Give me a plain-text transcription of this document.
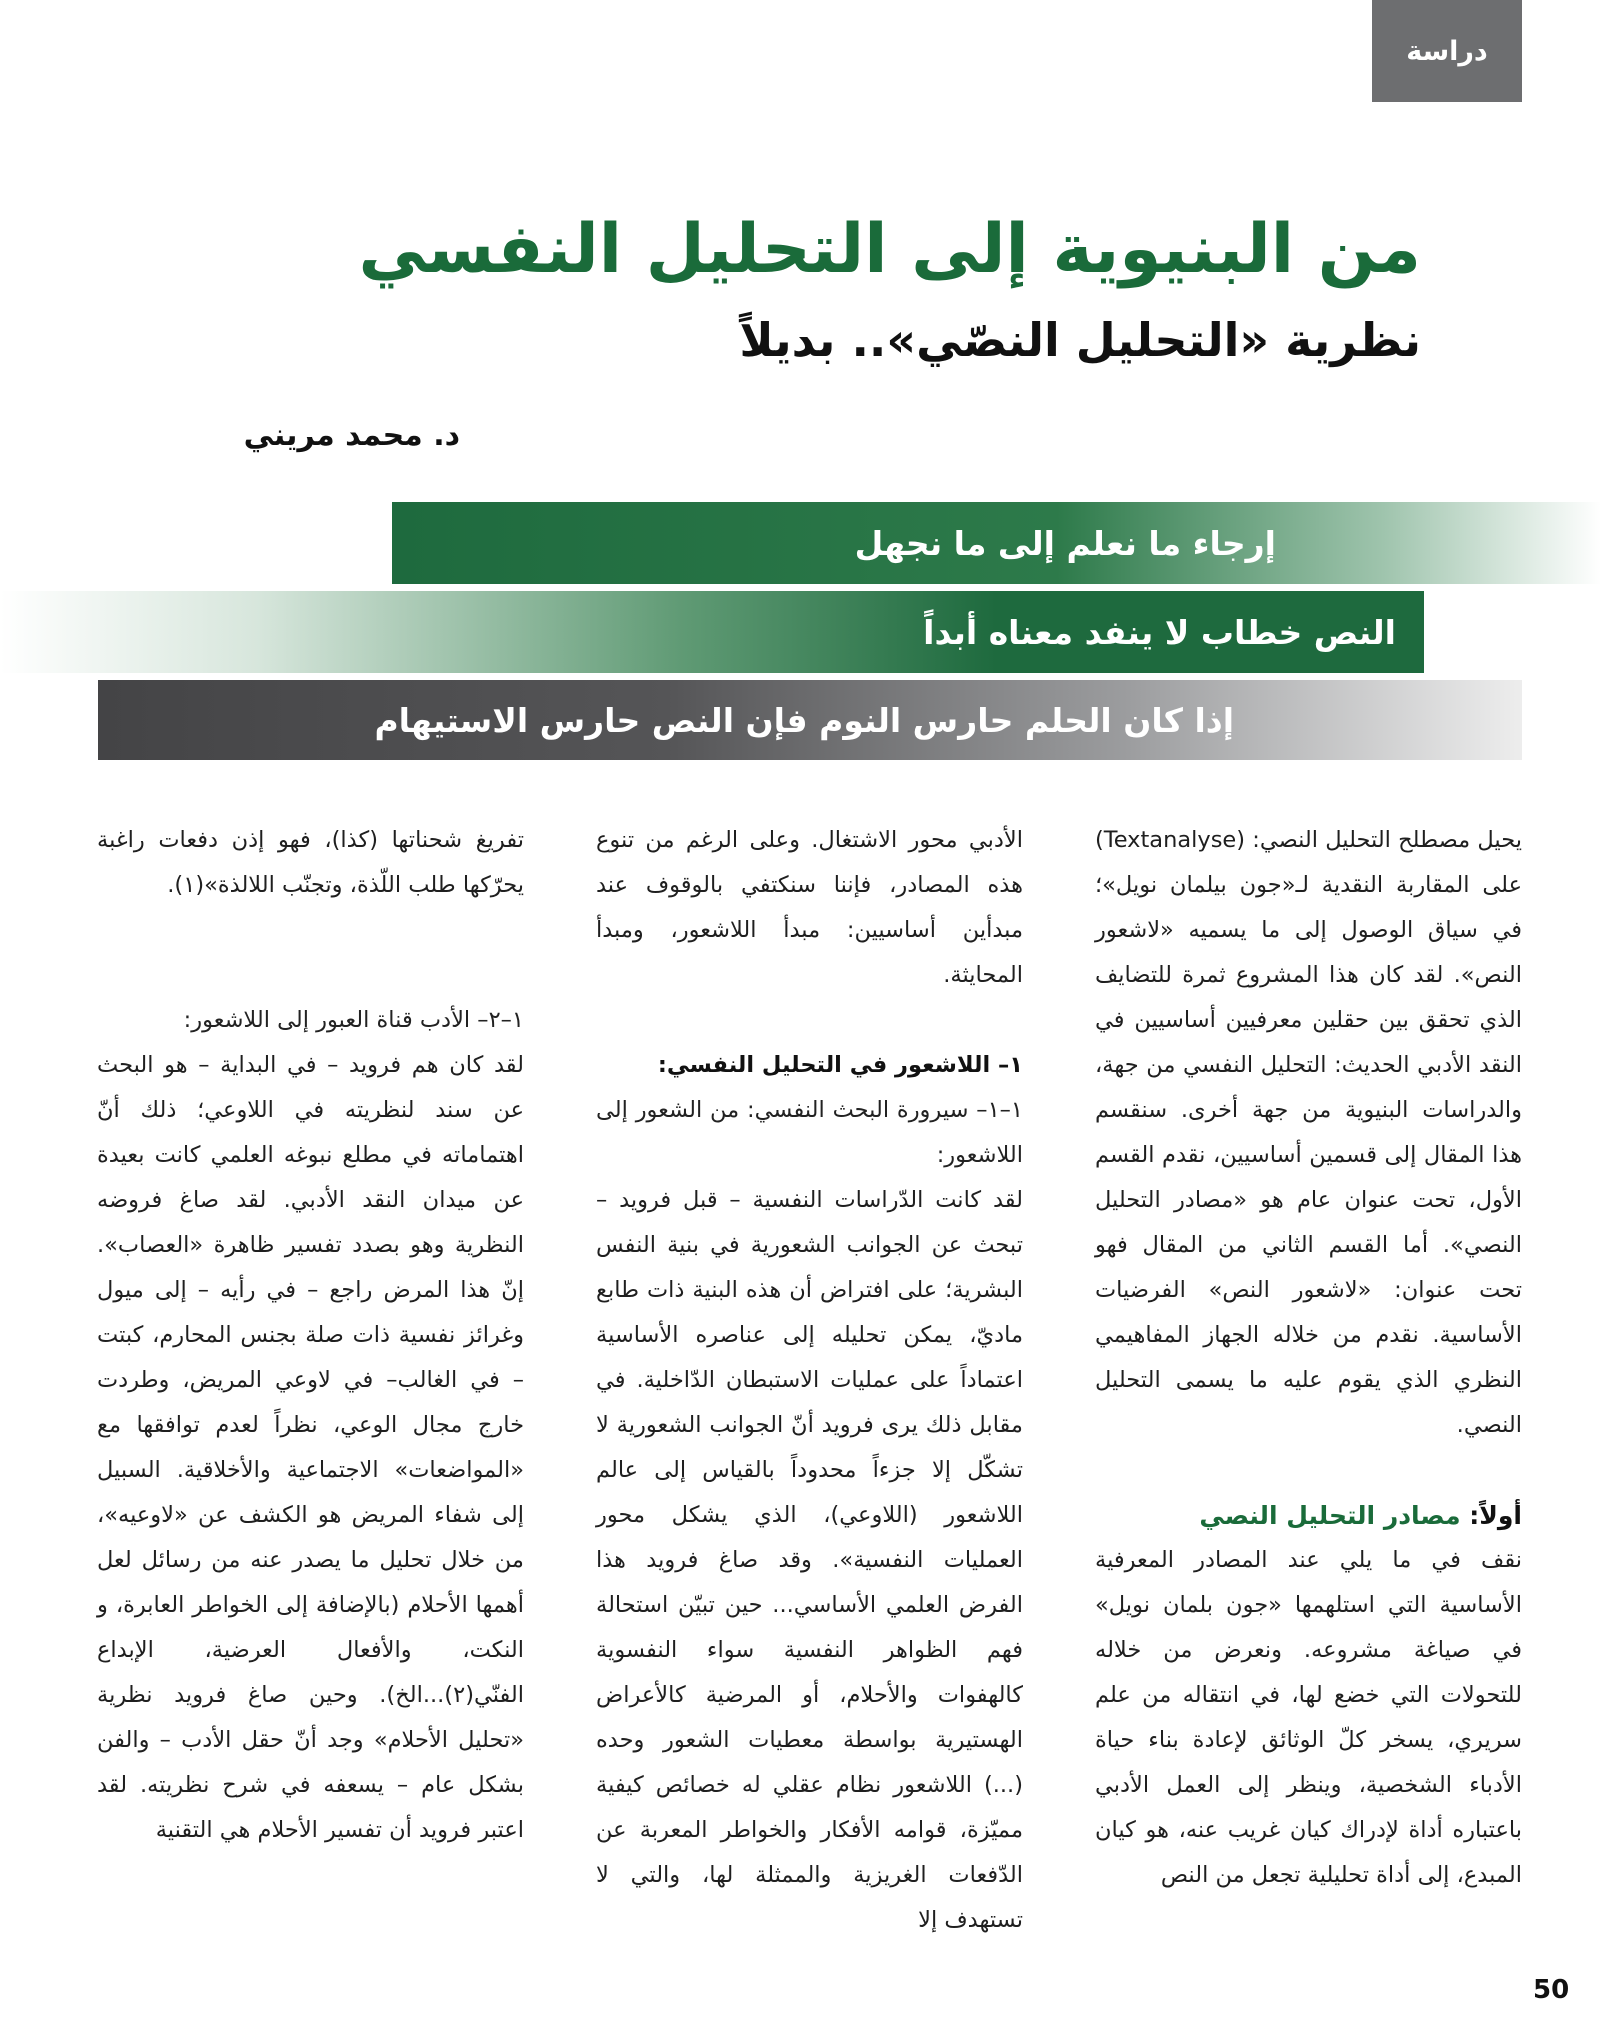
دراسة
من البنيوية إلى التحليل النفسي
نظرية «التحليل النصّي».. بديلاً
د. محمد مريني
إرجاء ما نعلم إلى ما نجهل
النص خطاب لا ينفد معناه أبداً
إذا كان الحلم حارس النوم فإن النص حارس الاستيهام

يحيل مصطلح التحليل النصي: (Textanalyse) على المقاربة النقدية لـ«جون بيلمان نويل»؛ في سياق الوصول إلى ما يسميه «لاشعور النص». لقد كان هذا المشروع ثمرة للتضايف الذي تحقق بين حقلين معرفيين أساسيين في النقد الأدبي الحديث: التحليل النفسي من جهة، والدراسات البنيوية من جهة أخرى. سنقسم هذا المقال إلى قسمين أساسيين، نقدم القسم الأول، تحت عنوان عام هو «مصادر التحليل النصي». أما القسم الثاني من المقال فهو تحت عنوان: «لاشعور النص» الفرضيات الأساسية. نقدم من خلاله الجهاز المفاهيمي النظري الذي يقوم عليه ما يسمى التحليل النصي.

أولاً: مصادر التحليل النصي

نقف في ما يلي عند المصادر المعرفية الأساسية التي استلهمها «جون بلمان نويل» في صياغة مشروعه. ونعرض من خلاله للتحولات التي خضع لها، في انتقاله من علم سريري، يسخر كلّ الوثائق لإعادة بناء حياة الأدباء الشخصية، وينظر إلى العمل الأدبي باعتباره أداة لإدراك كيان غريب عنه، هو كيان المبدع، إلى أداة تحليلية تجعل من النص

الأدبي محور الاشتغال. وعلى الرغم من تنوع هذه المصادر، فإننا سنكتفي بالوقوف عند مبدأين أساسيين: مبدأ اللاشعور، ومبدأ المحايثة.

١– اللاشعور في التحليل النفسي:

١–١– سيرورة البحث النفسي: من الشعور إلى اللاشعور:

لقد كانت الدّراسات النفسية – قبل فرويد – تبحث عن الجوانب الشعورية في بنية النفس البشرية؛ على افتراض أن هذه البنية ذات طابع ماديّ، يمكن تحليله إلى عناصره الأساسية اعتماداً على عمليات الاستبطان الدّاخلية. في مقابل ذلك يرى فرويد أنّ الجوانب الشعورية لا تشكّل إلا جزءاً محدوداً بالقياس إلى عالم اللاشعور (اللاوعي)، الذي يشكل محور العمليات النفسية». وقد صاغ فرويد هذا الفرض العلمي الأساسي... حين تبيّن استحالة فهم الظواهر النفسية سواء النفسوية كالهفوات والأحلام، أو المرضية كالأعراض الهستيرية بواسطة معطيات الشعور وحده (...) اللاشعور نظام عقلي له خصائص كيفية مميّزة، قوامه الأفكار والخواطر المعربة عن الدّفعات الغريزية والممثلة لها، والتي لا تستهدف إلا

تفريغ شحناتها (كذا)، فهو إذن دفعات راغبة يحرّكها طلب اللّذة، وتجنّب اللالذة»(١).

١–٢– الأدب قناة العبور إلى اللاشعور:

لقد كان هم فرويد – في البداية – هو البحث عن سند لنظريته في اللاوعي؛ ذلك أنّ اهتماماته في مطلع نبوغه العلمي كانت بعيدة عن ميدان النقد الأدبي. لقد صاغ فروضه النظرية وهو بصدد تفسير ظاهرة «العصاب». إنّ هذا المرض راجع – في رأيه – إلى ميول وغرائز نفسية ذات صلة بجنس المحارم، كبتت – في الغالب– في لاوعي المريض، وطردت خارج مجال الوعي، نظراً لعدم توافقها مع «المواضعات» الاجتماعية والأخلاقية. السبيل إلى شفاء المريض هو الكشف عن «لاوعيه»، من خلال تحليل ما يصدر عنه من رسائل لعل أهمها الأحلام (بالإضافة إلى الخواطر العابرة، و النكت، والأفعال العرضية، الإبداع الفنّي(٢)...الخ). وحين صاغ فرويد نظرية «تحليل الأحلام» وجد أنّ حقل الأدب – والفن بشكل عام – يسعفه في شرح نظريته. لقد اعتبر فرويد أن تفسير الأحلام هي التقنية

50
